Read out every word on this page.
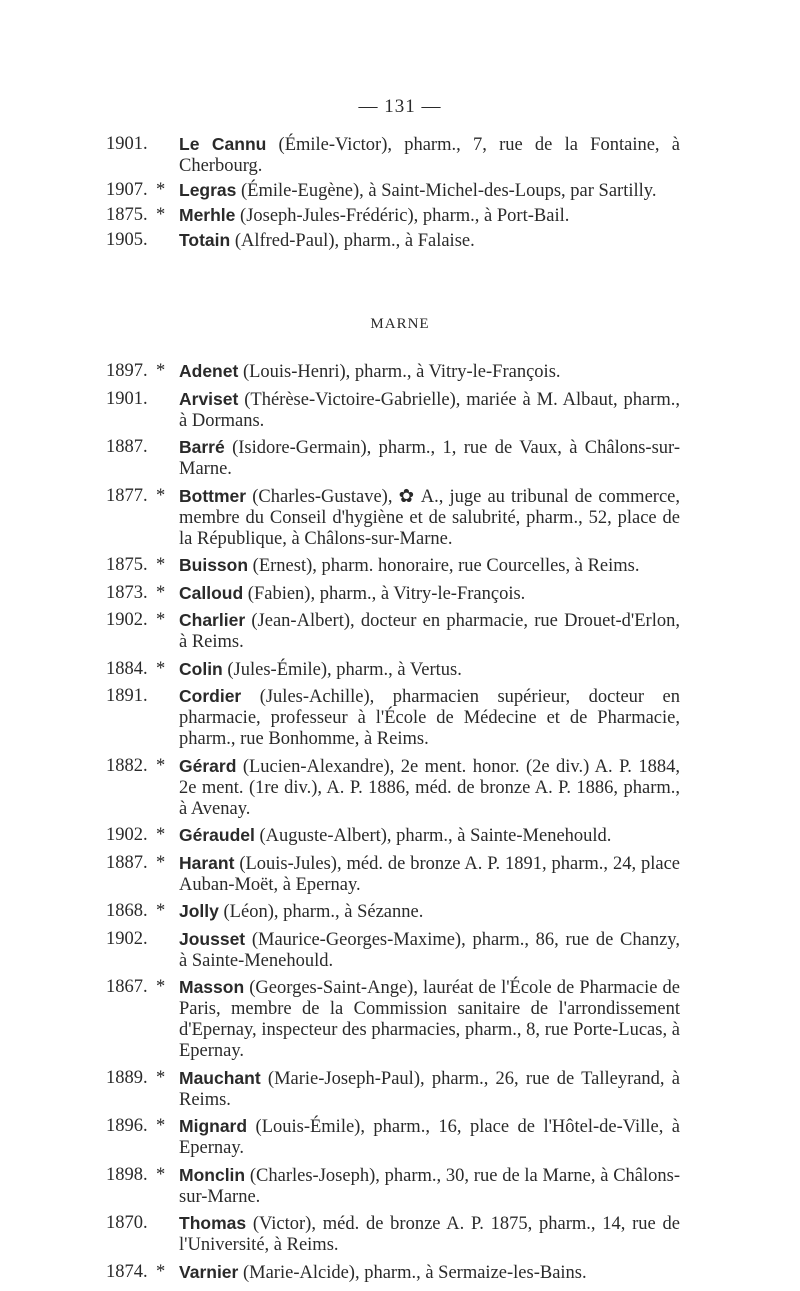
— 131 —
1901. Le Cannu (Émile-Victor), pharm., 7, rue de la Fontaine, à Cherbourg.
1907. * Legras (Émile-Eugène), à Saint-Michel-des-Loups, par Sartilly.
1875. * Merhle (Joseph-Jules-Frédéric), pharm., à Port-Bail.
1905. Totain (Alfred-Paul), pharm., à Falaise.
MARNE
1897. * Adenet (Louis-Henri), pharm., à Vitry-le-François.
1901. Arviset (Thérèse-Victoire-Gabrielle), mariée à M. Albaut, pharm., à Dormans.
1887. Barré (Isidore-Germain), pharm., 1, rue de Vaux, à Châlons-sur-Marne.
1877. * Bottmer (Charles-Gustave), ✿ A., juge au tribunal de commerce, membre du Conseil d'hygiène et de salubrité, pharm., 52, place de la République, à Châlons-sur-Marne.
1875. * Buisson (Ernest), pharm. honoraire, rue Courcelles, à Reims.
1873. * Calloud (Fabien), pharm., à Vitry-le-François.
1902. * Charlier (Jean-Albert), docteur en pharmacie, rue Drouet-d'Erlon, à Reims.
1884. * Colin (Jules-Émile), pharm., à Vertus.
1891. Cordier (Jules-Achille), pharmacien supérieur, docteur en pharmacie, professeur à l'École de Médecine et de Pharmacie, pharm., rue Bonhomme, à Reims.
1882. * Gérard (Lucien-Alexandre), 2e ment. honor. (2e div.) A. P. 1884, 2e ment. (1re div.), A. P. 1886, méd. de bronze A. P. 1886, pharm., à Avenay.
1902. * Géraudel (Auguste-Albert), pharm., à Sainte-Menehould.
1887. * Harant (Louis-Jules), méd. de bronze A. P. 1891, pharm., 24, place Auban-Moët, à Epernay.
1868. * Jolly (Léon), pharm., à Sézanne.
1902. Jousset (Maurice-Georges-Maxime), pharm., 86, rue de Chanzy, à Sainte-Menehould.
1867. * Masson (Georges-Saint-Ange), lauréat de l'École de Pharmacie de Paris, membre de la Commission sanitaire de l'arrondissement d'Epernay, inspecteur des pharmacies, pharm., 8, rue Porte-Lucas, à Epernay.
1889. * Mauchant (Marie-Joseph-Paul), pharm., 26, rue de Talleyrand, à Reims.
1896. * Mignard (Louis-Émile), pharm., 16, place de l'Hôtel-de-Ville, à Epernay.
1898. * Monclin (Charles-Joseph), pharm., 30, rue de la Marne, à Châlons-sur-Marne.
1870. Thomas (Victor), méd. de bronze A. P. 1875, pharm., 14, rue de l'Université, à Reims.
1874. * Varnier (Marie-Alcide), pharm., à Sermaize-les-Bains.
